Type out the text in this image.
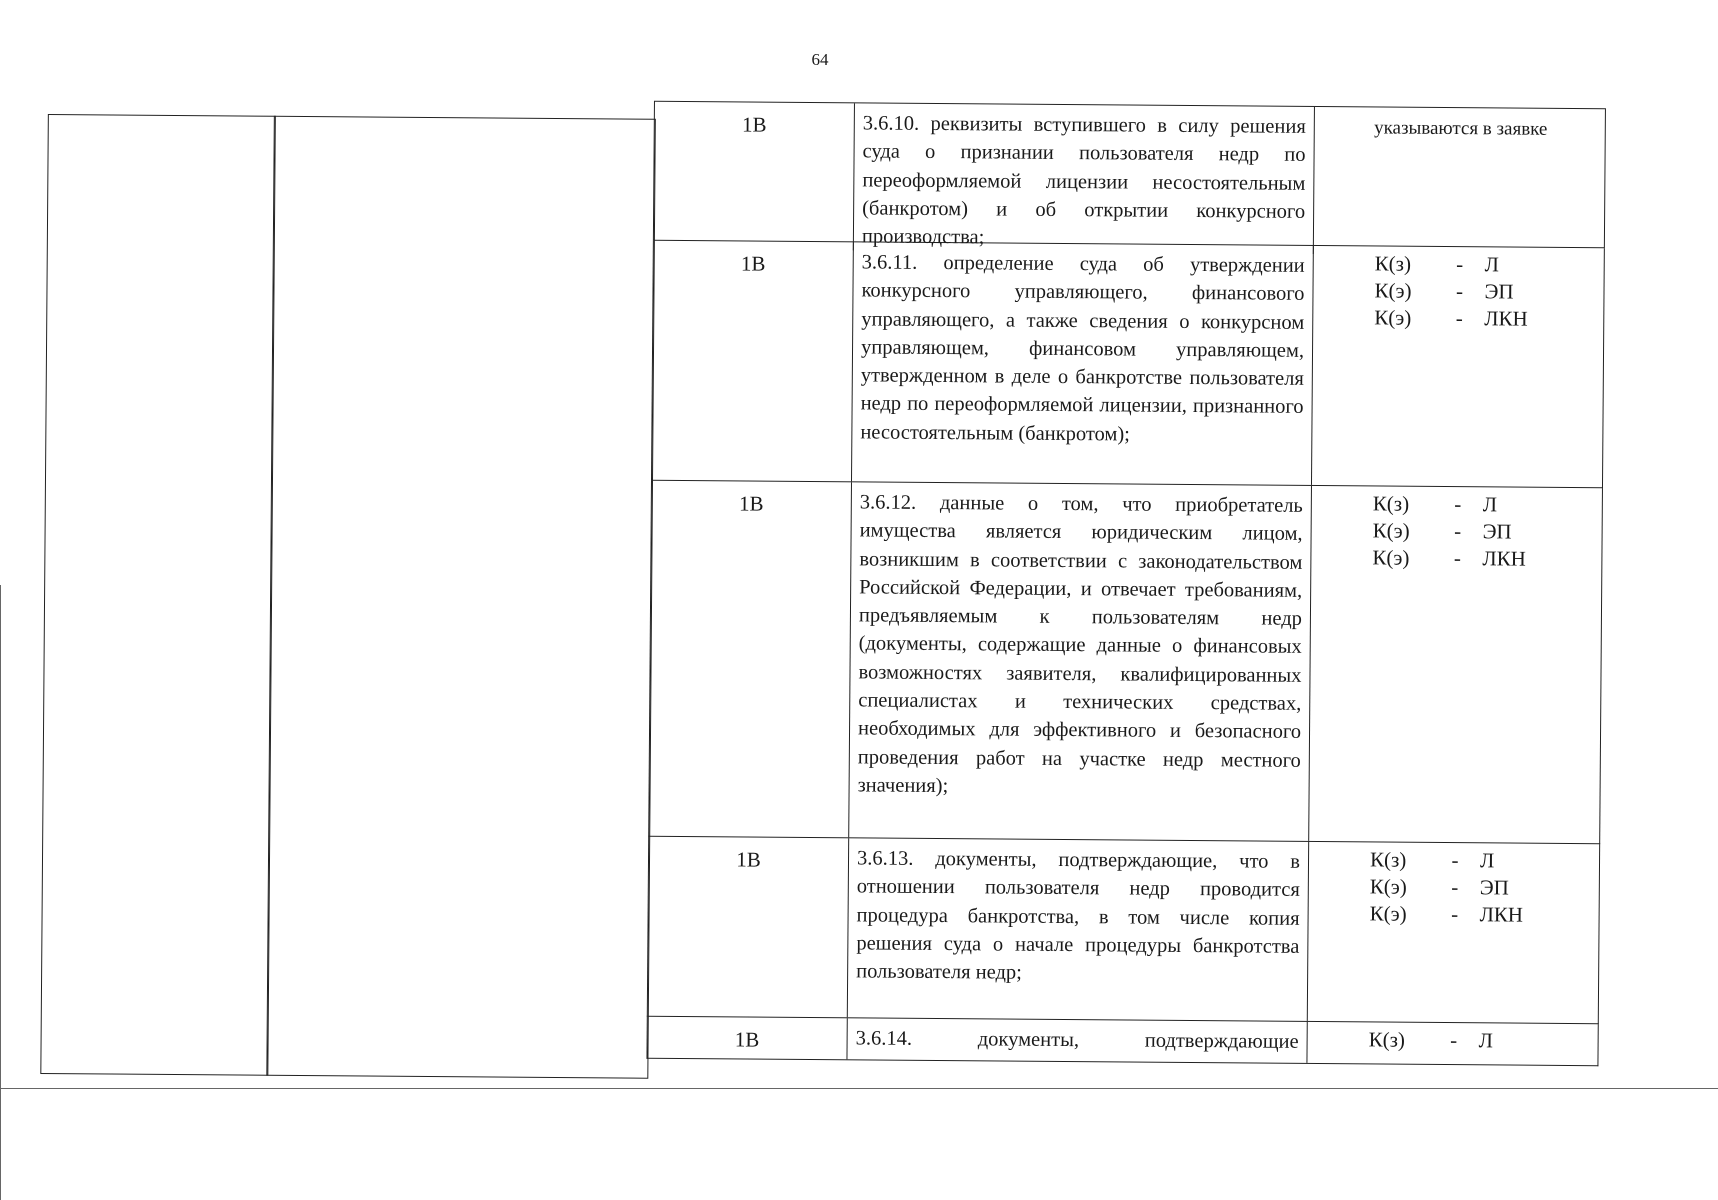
64
1В	3.6.10. реквизиты вступившего в силу решения суда о признании пользователя недр по переоформляемой лицензии несостоятельным (банкротом) и об открытии конкурсного производства;

указываются в заявке
1В	3.6.11. определение суда об утверждении конкурсного управляющего, финансового управляющего, а также сведения о конкурсном управляющем, финансовом управляющем, утвержденном в деле о банкротстве пользователя недр по переоформляемой лицензии, признанного несостоятельным (банкротом);

К(з)	-	Л
К(э)	-	ЭП
К(э)	-	ЛКН
1В	3.6.12. данные о том, что приобретатель имущества является юридическим лицом, возникшим в соответствии с законодательством Российской Федерации, и отвечает требованиям, предъявляемым к пользователям недр (документы, содержащие данные о финансовых возможностях заявителя, квалифицированных специалистах и технических средствах, необходимых для эффективного и безопасного проведения работ на участке недр местного значения);

К(з)	-	Л
К(э)	-	ЭП
К(э)	-	ЛКН
1В	3.6.13. документы, подтверждающие, что в отношении пользователя недр проводится процедура банкротства, в том числе копия решения суда о начале процедуры банкротства пользователя недр;

К(з)	-	Л
К(э)	-	ЭП
К(э)	-	ЛКН
1В	3.6.14. документы, подтверждающие	К(з)	-	Л
